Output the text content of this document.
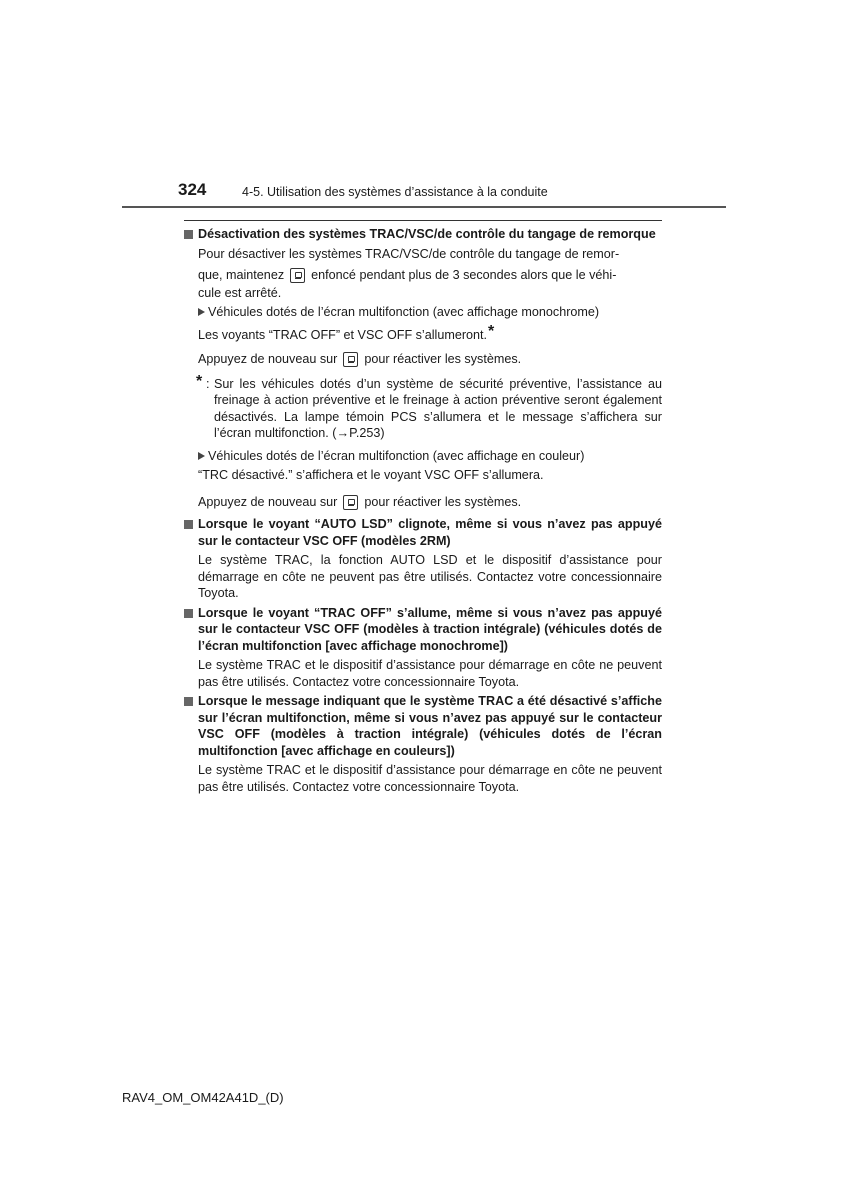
324	4-5. Utilisation des systèmes d’assistance à la conduite
Désactivation des systèmes TRAC/VSC/de contrôle du tangage de remorque
Pour désactiver les systèmes TRAC/VSC/de contrôle du tangage de remor-
que, maintenez enfoncé pendant plus de 3 secondes alors que le véhi-
cule est arrêté.
Véhicules dotés de l’écran multifonction (avec affichage monochrome)
Les voyants “TRAC OFF” et VSC OFF s’allumeront.*
Appuyez de nouveau sur pour réactiver les systèmes.
* : Sur les véhicules dotés d’un système de sécurité préventive, l’assistance au freinage à action préventive et le freinage à action préventive seront également désactivés. La lampe témoin PCS s’allumera et le message s’affichera sur l’écran multifonction. (→P.253)
Véhicules dotés de l’écran multifonction (avec affichage en couleur)
“TRC désactivé.” s’affichera et le voyant VSC OFF s’allumera.
Appuyez de nouveau sur pour réactiver les systèmes.
Lorsque le voyant “AUTO LSD” clignote, même si vous n’avez pas appuyé sur le contacteur VSC OFF (modèles 2RM)
Le système TRAC, la fonction AUTO LSD et le dispositif d’assistance pour démarrage en côte ne peuvent pas être utilisés. Contactez votre concessionnaire Toyota.
Lorsque le voyant “TRAC OFF” s’allume, même si vous n’avez pas appuyé sur le contacteur VSC OFF (modèles à traction intégrale) (véhicules dotés de l’écran multifonction [avec affichage monochrome])
Le système TRAC et le dispositif d’assistance pour démarrage en côte ne peuvent pas être utilisés. Contactez votre concessionnaire Toyota.
Lorsque le message indiquant que le système TRAC a été désactivé s’affiche sur l’écran multifonction, même si vous n’avez pas appuyé sur le contacteur VSC OFF (modèles à traction intégrale) (véhicules dotés de l’écran multifonction [avec affichage en couleurs])
Le système TRAC et le dispositif d’assistance pour démarrage en côte ne peuvent pas être utilisés. Contactez votre concessionnaire Toyota.
RAV4_OM_OM42A41D_(D)
